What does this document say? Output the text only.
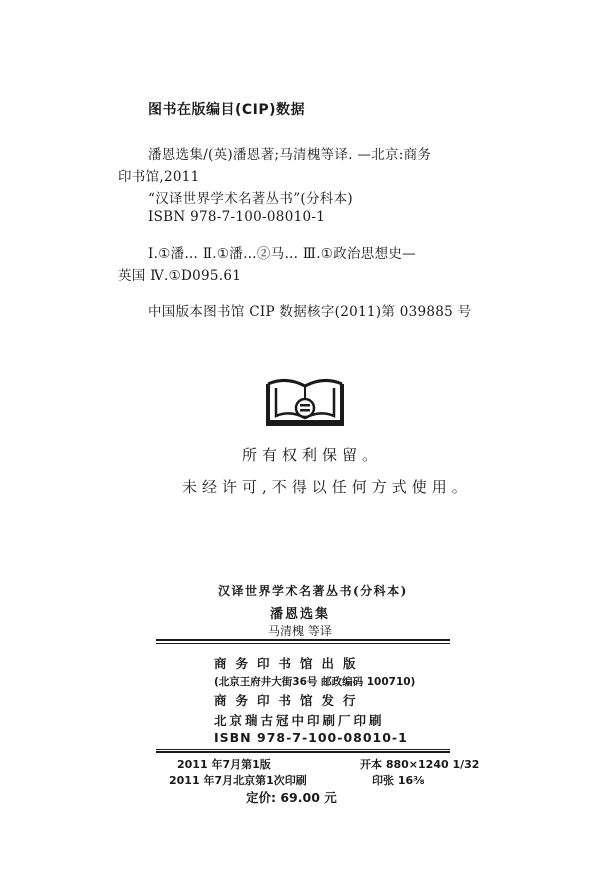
图书在版编目(CIP)数据
潘恩选集/(英)潘恩著;马清槐等译. —北京:商务
印书馆,2011
“汉译世界学术名著丛书”(分科本)
ISBN 978-7-100-08010-1
Ⅰ.①潘… Ⅱ.①潘…②马… Ⅲ.①政治思想史—
英国 Ⅳ.①D095.61
中国版本图书馆 CIP 数据核字(2011)第 039885 号
所有权利保留。
未经许可,不得以任何方式使用。
汉译世界学术名著丛书(分科本)
潘恩选集
马清槐 等译
商务印书馆出版
(北京王府井大街36号 邮政编码 100710)
商务印书馆发行
北京瑞古冠中印刷厂印刷
ISBN 978-7-100-08010-1
2011 年7月第1版	开本 880×1240 1/32
2011 年7月北京第1次印刷	印张 16⅜
定价: 69.00 元
